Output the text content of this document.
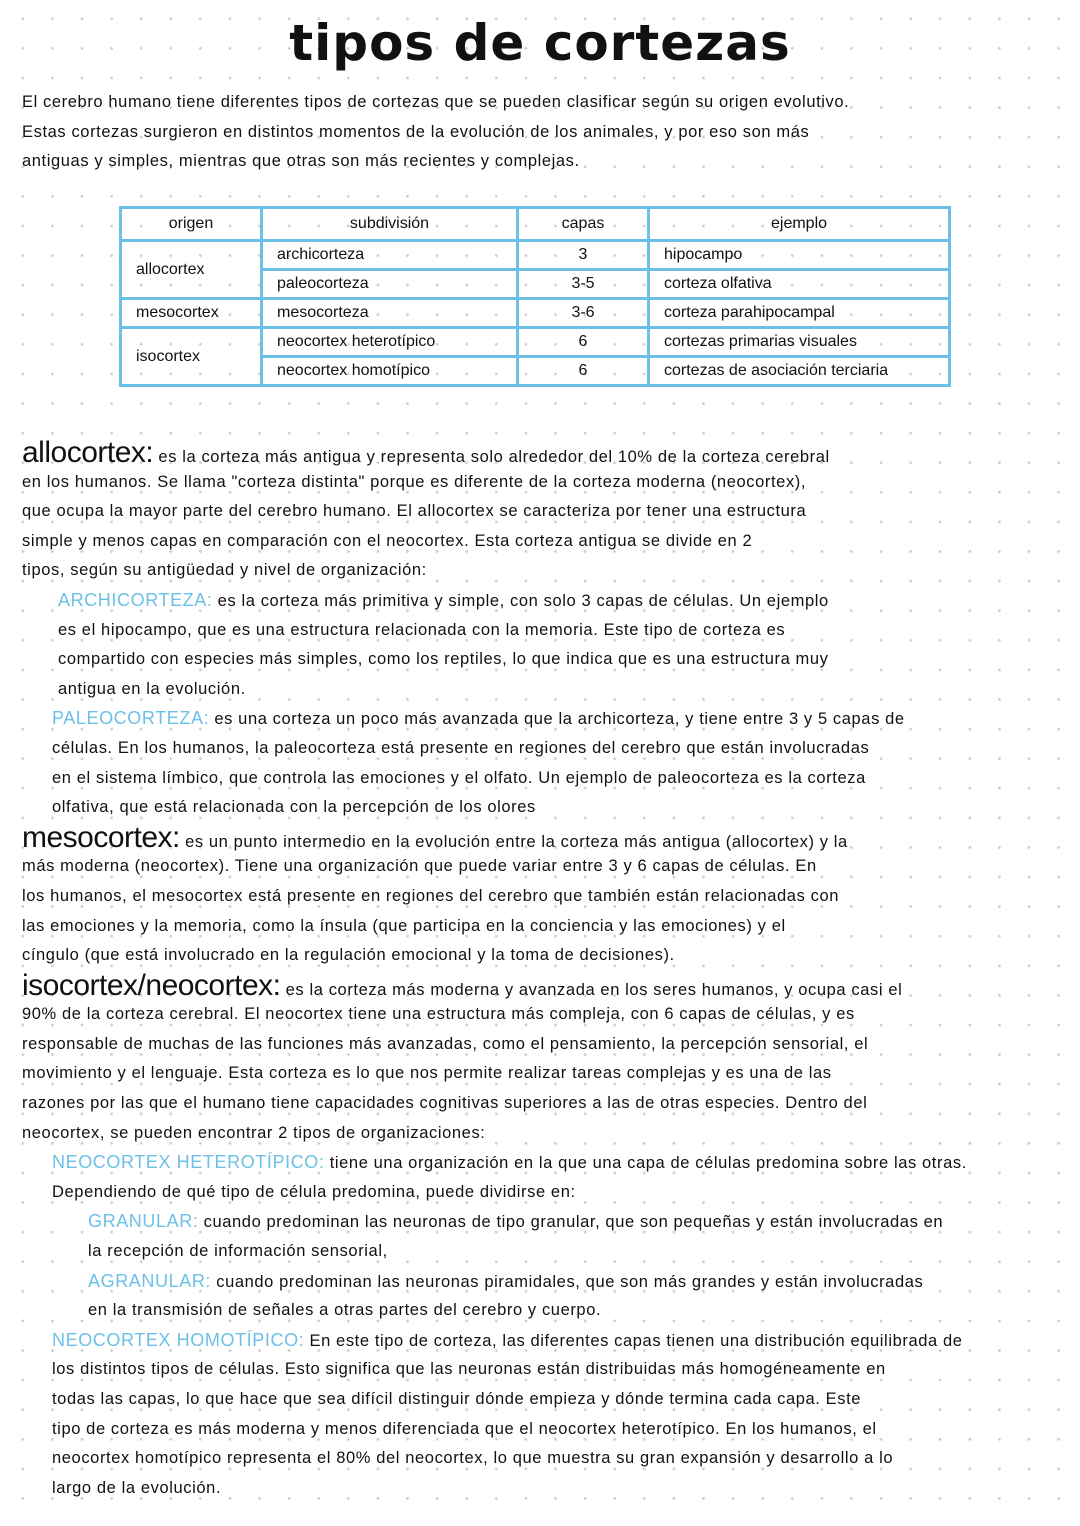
tipos de cortezas
El cerebro humano tiene diferentes tipos de cortezas que se pueden clasificar según su origen evolutivo.
Estas cortezas surgieron en distintos momentos de la evolución de los animales, y por eso son más
antiguas y simples, mientras que otras son más recientes y complejas.
origen	subdivisión	capas	ejemplo
allocortex	archicorteza	3	hipocampo
	paleocorteza	3-5	corteza olfativa
mesocortex	mesocorteza	3-6	corteza parahipocampal
isocortex	neocortex heterotípico	6	cortezas primarias visuales
	neocortex homotípico	6	cortezas de asociación terciaria
allocortex: es la corteza más antigua y representa solo alrededor del 10% de la corteza cerebral
en los humanos. Se llama "corteza distinta" porque es diferente de la corteza moderna (neocortex),
que ocupa la mayor parte del cerebro humano. El allocortex se caracteriza por tener una estructura
simple y menos capas en comparación con el neocortex. Esta corteza antigua se divide en 2
tipos, según su antigüedad y nivel de organización:
ARCHICORTEZA: es la corteza más primitiva y simple, con solo 3 capas de células. Un ejemplo
es el hipocampo, que es una estructura relacionada con la memoria. Este tipo de corteza es
compartido con especies más simples, como los reptiles, lo que indica que es una estructura muy
antigua en la evolución.
PALEOCORTEZA: es una corteza un poco más avanzada que la archicorteza, y tiene entre 3 y 5 capas de
células. En los humanos, la paleocorteza está presente en regiones del cerebro que están involucradas
en el sistema límbico, que controla las emociones y el olfato. Un ejemplo de paleocorteza es la corteza
olfativa, que está relacionada con la percepción de los olores
mesocortex: es un punto intermedio en la evolución entre la corteza más antigua (allocortex) y la
más moderna (neocortex). Tiene una organización que puede variar entre 3 y 6 capas de células. En
los humanos, el mesocortex está presente en regiones del cerebro que también están relacionadas con
las emociones y la memoria, como la ínsula (que participa en la conciencia y las emociones) y el
cíngulo (que está involucrado en la regulación emocional y la toma de decisiones).
isocortex/neocortex: es la corteza más moderna y avanzada en los seres humanos, y ocupa casi el
90% de la corteza cerebral. El neocortex tiene una estructura más compleja, con 6 capas de células, y es
responsable de muchas de las funciones más avanzadas, como el pensamiento, la percepción sensorial, el
movimiento y el lenguaje. Esta corteza es lo que nos permite realizar tareas complejas y es una de las
razones por las que el humano tiene capacidades cognitivas superiores a las de otras especies. Dentro del
neocortex, se pueden encontrar 2 tipos de organizaciones:
NEOCORTEX HETEROTÍPICO: tiene una organización en la que una capa de células predomina sobre las otras.
Dependiendo de qué tipo de célula predomina, puede dividirse en:
GRANULAR: cuando predominan las neuronas de tipo granular, que son pequeñas y están involucradas en
la recepción de información sensorial,
AGRANULAR: cuando predominan las neuronas piramidales, que son más grandes y están involucradas
en la transmisión de señales a otras partes del cerebro y cuerpo.
NEOCORTEX HOMOTÍPICO: En este tipo de corteza, las diferentes capas tienen una distribución equilibrada de
los distintos tipos de células. Esto significa que las neuronas están distribuidas más homogéneamente en
todas las capas, lo que hace que sea difícil distinguir dónde empieza y dónde termina cada capa. Este
tipo de corteza es más moderna y menos diferenciada que el neocortex heterotípico. En los humanos, el
neocortex homotípico representa el 80% del neocortex, lo que muestra su gran expansión y desarrollo a lo
largo de la evolución.
